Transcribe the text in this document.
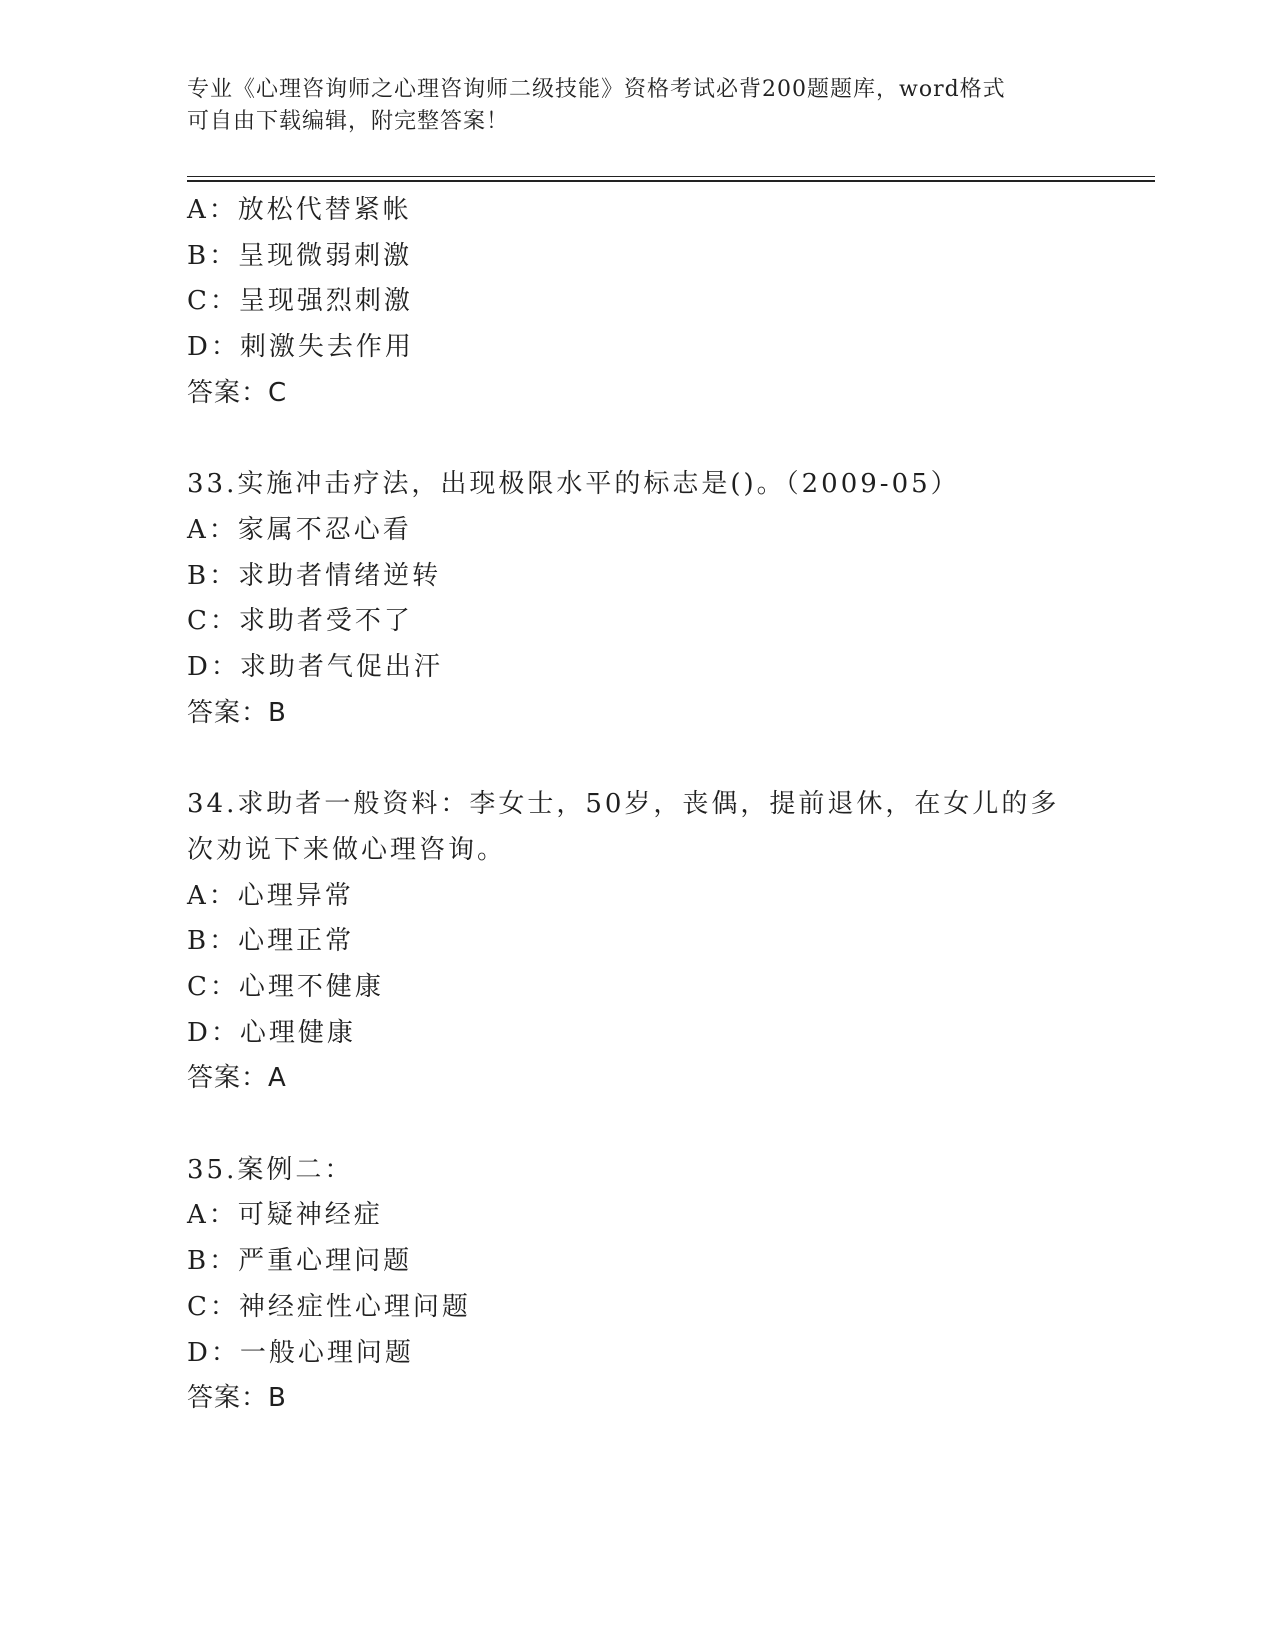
专业《心理咨询师之心理咨询师二级技能》资格考试必背200题题库，word格式
可自由下载编辑，附完整答案！
A：放松代替紧帐
B：呈现微弱刺激
C：呈现强烈刺激
D：刺激失去作用
答案：C
33.实施冲击疗法，出现极限水平的标志是()。（2009-05）
A：家属不忍心看
B：求助者情绪逆转
C：求助者受不了
D：求助者气促出汗
答案：B
34.求助者一般资料：李女士，50岁，丧偶，提前退休，在女儿的多次劝说下来做心理咨询。
A：心理异常
B：心理正常
C：心理不健康
D：心理健康
答案：A
35.案例二：
A：可疑神经症
B：严重心理问题
C：神经症性心理问题
D：一般心理问题
答案：B
